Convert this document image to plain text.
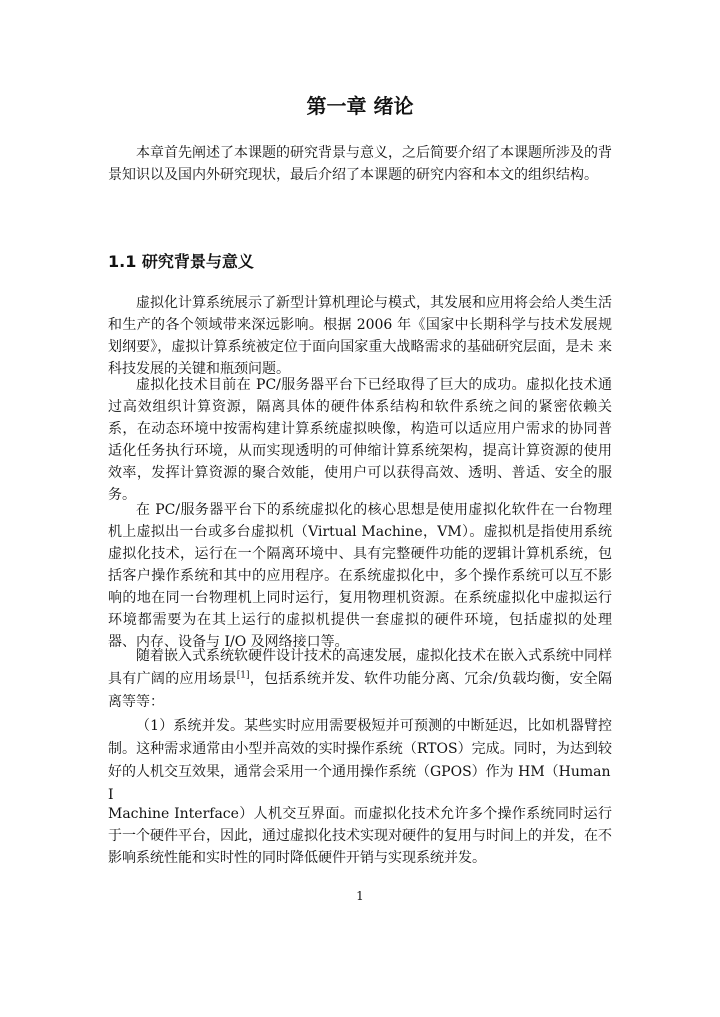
第一章 绪论

本章首先阐述了本课题的研究背景与意义，之后简要介绍了本课题所涉及的背景知识以及国内外研究现状，最后介绍了本课题的研究内容和本文的组织结构。

1.1 研究背景与意义

虚拟化计算系统展示了新型计算机理论与模式，其发展和应用将会给人类生活和生产的各个领域带来深远影响。根据 2006 年《国家中长期科学与技术发展规 划纲要》，虚拟计算系统被定位于面向国家重大战略需求的基础研究层面，是未 来科技发展的关键和瓶颈问题。

虚拟化技术目前在 PC/服务器平台下已经取得了巨大的成功。虚拟化技术通 过高效组织计算资源，隔离具体的硬件体系结构和软件系统之间的紧密依赖关 系，在动态环境中按需构建计算系统虚拟映像，构造可以适应用户需求的协同普 适化任务执行环境，从而实现透明的可伸缩计算系统架构，提高计算资源的使用 效率，发挥计算资源的聚合效能，使用户可以获得高效、透明、普适、安全的服 务。

在 PC/服务器平台下的系统虚拟化的核心思想是使用虚拟化软件在一台物理 机上虚拟出一台或多台虚拟机（Virtual Machine，VM）。虚拟机是指使用系统 虚拟化技术，运行在一个隔离环境中、具有完整硬件功能的逻辑计算机系统，包 括客户操作系统和其中的应用程序。在系统虚拟化中，多个操作系统可以互不影 响的地在同一台物理机上同时运行，复用物理机资源。在系统虚拟化中虚拟运行 环境都需要为在其上运行的虚拟机提供一套虚拟的硬件环境，包括虚拟的处理 器、内存、设备与 I/O 及网络接口等。

随着嵌入式系统软硬件设计技术的高速发展，虚拟化技术在嵌入式系统中同样具有广阔的应用场景[1]，包括系统并发、软件功能分离、冗余/负载均衡，安全隔离等等：

（1）系统并发。某些实时应用需要极短并可预测的中断延迟，比如机器臂控制。这种需求通常由小型并高效的实时操作系统（RTOS）完成。同时，为达到较好的人机交互效果，通常会采用一个通用操作系统（GPOS）作为 HM（Human

I

Machine Interface）人机交互界面。而虚拟化技术允许多个操作系统同时运行于一个硬件平台，因此，通过虚拟化技术实现对硬件的复用与时间上的并发，在不影响系统性能和实时性的同时降低硬件开销与实现系统并发。

1
